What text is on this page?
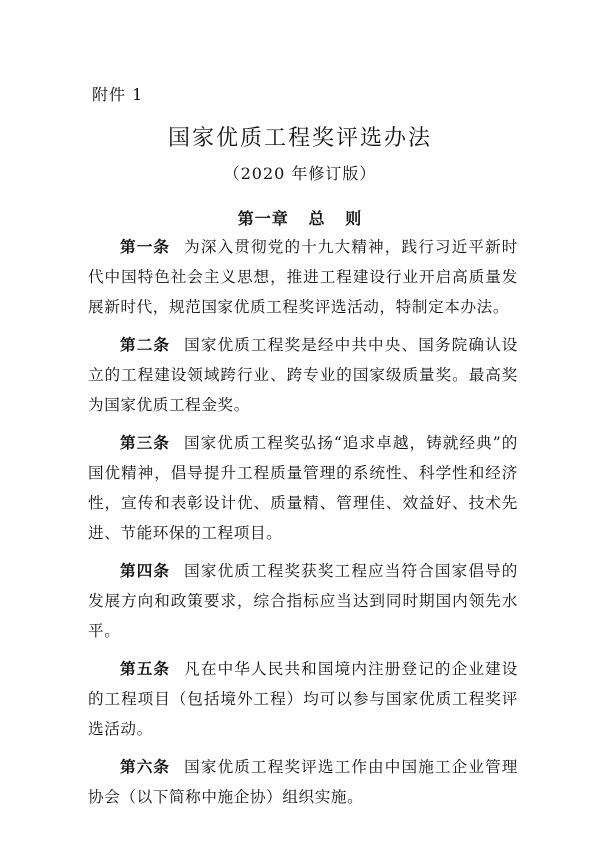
附件 1
国家优质工程奖评选办法
（2020 年修订版）
第一章   总   则

第一条 为深入贯彻党的十九大精神，践行习近平新时代中国特色社会主义思想，推进工程建设行业开启高质量发展新时代，规范国家优质工程奖评选活动，特制定本办法。

第二条 国家优质工程奖是经中共中央、国务院确认设立的工程建设领域跨行业、跨专业的国家级质量奖。最高奖为国家优质工程金奖。

第三条 国家优质工程奖弘扬“追求卓越，铸就经典”的国优精神，倡导提升工程质量管理的系统性、科学性和经济性，宣传和表彰设计优、质量精、管理佳、效益好、技术先进、节能环保的工程项目。

第四条 国家优质工程奖获奖工程应当符合国家倡导的发展方向和政策要求，综合指标应当达到同时期国内领先水平。

第五条 凡在中华人民共和国境内注册登记的企业建设的工程项目（包括境外工程）均可以参与国家优质工程奖评选活动。

第六条 国家优质工程奖评选工作由中国施工企业管理协会（以下简称中施企协）组织实施。
